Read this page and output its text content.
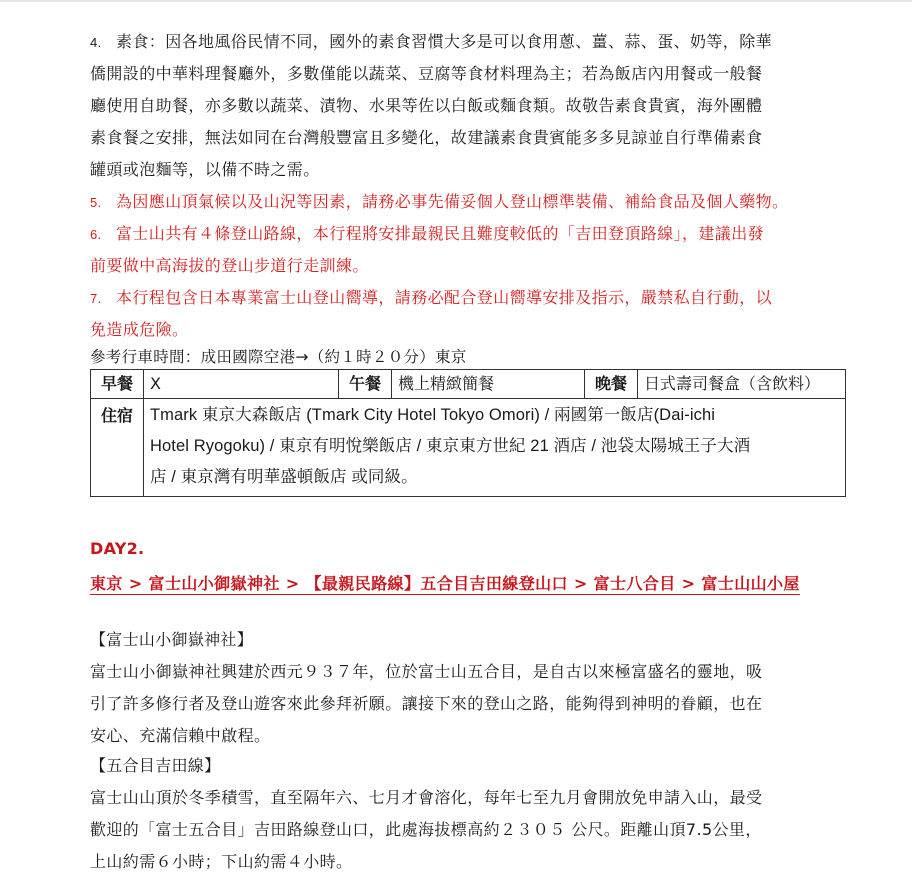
4. 素食：因各地風俗民情不同，國外的素食習慣大多是可以食用蔥、薑、蒜、蛋、奶等，除華
僑開設的中華料理餐廳外，多數僅能以蔬菜、豆腐等食材料理為主；若為飯店內用餐或一般餐
廳使用自助餐，亦多數以蔬菜、漬物、水果等佐以白飯或麵食類。故敬告素食貴賓，海外團體
素食餐之安排，無法如同在台灣般豐富且多變化，故建議素食貴賓能多多見諒並自行準備素食
罐頭或泡麵等，以備不時之需。
5. 為因應山頂氣候以及山況等因素，請務必事先備妥個人登山標準裝備、補給食品及個人藥物。
6. 富士山共有４條登山路線，本行程將安排最親民且難度較低的「吉田登頂路線」，建議出發
前要做中高海拔的登山步道行走訓練。
7. 本行程包含日本專業富士山登山嚮導，請務必配合登山嚮導安排及指示，嚴禁私自行動，以
免造成危險。
參考行車時間：成田國際空港→（約１時２０分）東京
早餐	X	午餐	機上精緻簡餐	晚餐	日式壽司餐盒（含飲料）
住宿	Tmark 東京大森飯店 (Tmark City Hotel Tokyo Omori) / 兩國第一飯店(Dai-ichi
Hotel Ryogoku) / 東京有明悅樂飯店 / 東京東方世紀 21 酒店 / 池袋太陽城王子大酒
店 / 東京灣有明華盛頓飯店 或同級。				
DAY2.
東京 > 富士山小御嶽神社 > 【最親民路線】五合目吉田線登山口 > 富士八合目 > 富士山山小屋
【富士山小御嶽神社】
富士山小御嶽神社興建於西元９３７年，位於富士山五合目，是自古以來極富盛名的靈地，吸
引了許多修行者及登山遊客來此參拜祈願。讓接下來的登山之路，能夠得到神明的眷顧，也在
安心、充滿信賴中啟程。
【五合目吉田線】
富士山山頂於冬季積雪，直至隔年六、七月才會溶化，每年七至九月會開放免申請入山，最受
歡迎的「富士五合目」吉田路線登山口，此處海拔標高約２３０５ 公尺。距離山頂7.5公里，
上山約需６小時；下山約需４小時。
